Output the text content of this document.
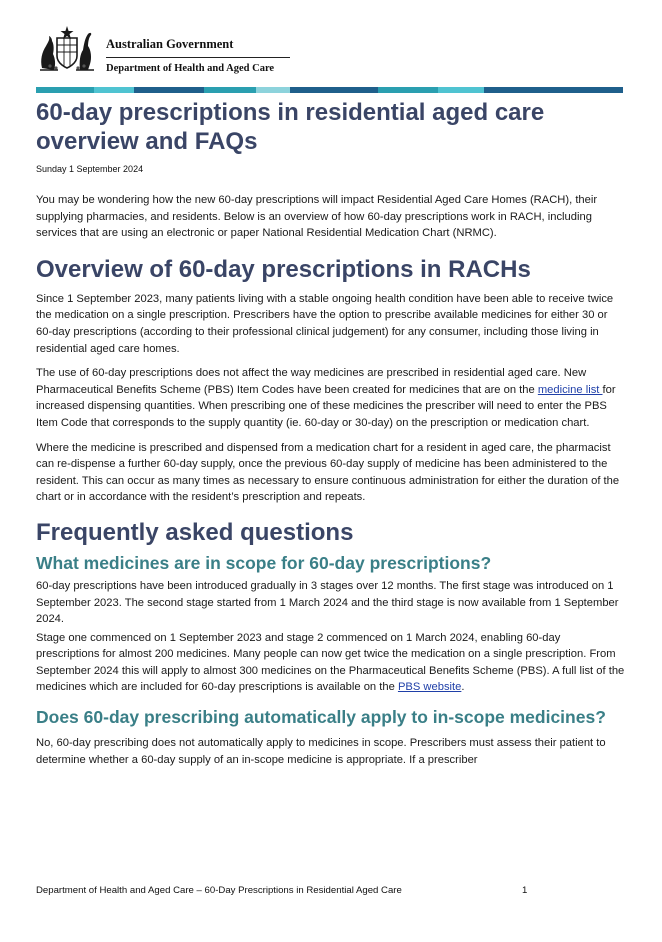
Australian Government
Department of Health and Aged Care
60-day prescriptions in residential aged care overview and FAQs
Sunday 1 September 2024

You may be wondering how the new 60-day prescriptions will impact Residential Aged Care Homes (RACH), their supplying pharmacies, and residents. Below is an overview of how 60-day prescriptions work in RACH, including services that are using an electronic or paper National Residential Medication Chart (NRMC).

Overview of 60-day prescriptions in RACHs

Since 1 September 2023, many patients living with a stable ongoing health condition have been able to receive twice the medication on a single prescription. Prescribers have the option to prescribe available medicines for either 30 or 60-day prescriptions (according to their professional clinical judgement) for any consumer, including those living in residential aged care homes.

The use of 60-day prescriptions does not affect the way medicines are prescribed in residential aged care. New Pharmaceutical Benefits Scheme (PBS) Item Codes have been created for medicines that are on the medicine list for increased dispensing quantities. When prescribing one of these medicines the prescriber will need to enter the PBS Item Code that corresponds to the supply quantity (ie. 60-day or 30-day) on the prescription or medication chart.

Where the medicine is prescribed and dispensed from a medication chart for a resident in aged care, the pharmacist can re-dispense a further 60-day supply, once the previous 60-day supply of medicine has been administered to the resident. This can occur as many times as necessary to ensure continuous administration for either the duration of the chart or in accordance with the resident’s prescription and repeats.

Frequently asked questions
What medicines are in scope for 60-day prescriptions?

60-day prescriptions have been introduced gradually in 3 stages over 12 months. The first stage was introduced on 1 September 2023. The second stage started from 1 March 2024 and the third stage is now available from 1 September 2024.

Stage one commenced on 1 September 2023 and stage 2 commenced on 1 March 2024, enabling 60-day prescriptions for almost 200 medicines. Many people can now get twice the medication on a single prescription. From September 2024 this will apply to almost 300 medicines on the Pharmaceutical Benefits Scheme (PBS). A full list of the medicines which are included for 60-day prescriptions is available on the PBS website.

Does 60-day prescribing automatically apply to in-scope medicines?

No, 60-day prescribing does not automatically apply to medicines in scope. Prescribers must assess their patient to determine whether a 60-day supply of an in-scope medicine is appropriate. If a prescriber

Department of Health and Aged Care – 60-Day Prescriptions in Residential Aged Care	1
